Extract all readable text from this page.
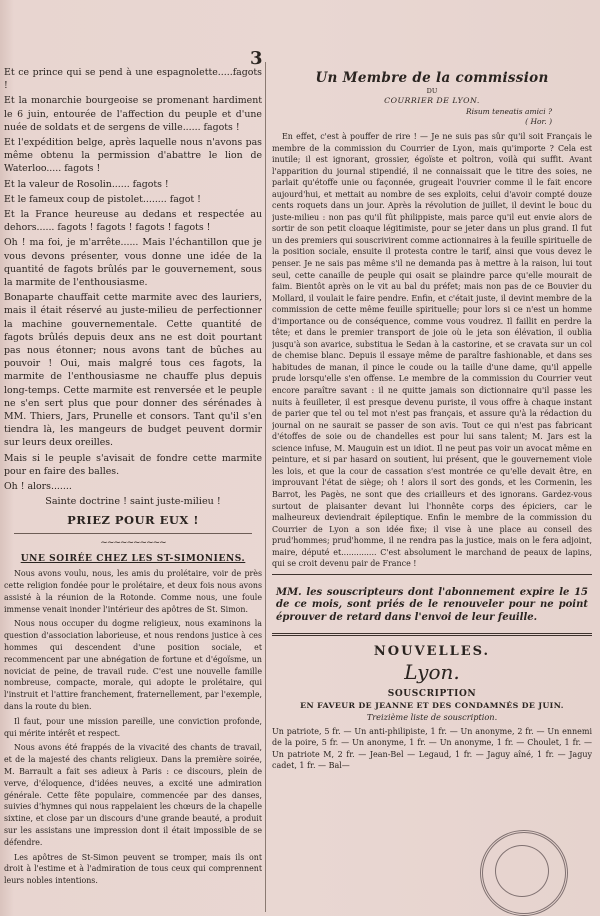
3

Et ce prince qui se pend à une espagnolette.....fagots !

Et la monarchie bourgeoise se promenant hardiment le 6 juin, entourée de l'affection du peuple et d'une nuée de soldats et de sergens de ville...... fagots !

Et l'expédition belge, après laquelle nous n'avons pas même obtenu la permission d'abattre le lion de Waterloo..... fagots !

Et la valeur de Rosolin...... fagots !

Et le fameux coup de pistolet........ fagot !

Et la France heureuse au dedans et respectée au dehors...... fagots ! fagots ! fagots ! fagots !

Oh ! ma foi, je m'arrête...... Mais l'échantillon que je vous devons présenter, vous donne une idée de la quantité de fagots brûlés par le gouvernement, sous la marmite de l'enthousiasme.

Bonaparte chauffait cette marmite avec des lauriers, mais il était réservé au juste-milieu de perfectionner la machine gouvernementale. Cette quantité de fagots brûlés depuis deux ans ne est doit pourtant pas nous étonner; nous avons tant de bûches au pouvoir ! Oui, mais malgré tous ces fagots, la marmite de l'enthousiasme ne chauffe plus depuis long-temps. Cette marmite est renversée et le peuple ne s'en sert plus que pour donner des sérénades à MM. Thiers, Jars, Prunelle et consors. Tant qu'il s'en tiendra là, les mangeurs de budget peuvent dormir sur leurs deux oreilles.

Mais si le peuple s'avisait de fondre cette marmite pour en faire des balles.

Oh ! alors.......

Sainte doctrine ! saint juste-milieu !

PRIEZ POUR EUX !

~~~~~~~~~~

UNE SOIRÉE CHEZ LES ST-SIMONIENS.

Nous avons voulu, nous, les amis du prolétaire, voir de près cette religion fondée pour le prolétaire, et deux fois nous avons assisté à la réunion de la Rotonde. Comme nous, une foule immense venait inonder l'intérieur des apôtres de St. Simon.

Nous nous occuper du dogme religieux, nous examinons la question d'association laborieuse, et nous rendons justice à ces hommes qui descendent d'une position sociale, et recommencent par une abnégation de fortune et d'égoïsme, un noviciat de peine, de travail rude. C'est une nouvelle famille nombreuse, compacte, morale, qui adopte le prolétaire, qui l'instruit et l'attire franchement, fraternellement, par l'exemple, dans la route du bien.

Il faut, pour une mission pareille, une conviction profonde, qui mérite intérêt et respect.

Nous avons été frappés de la vivacité des chants de travail, et de la majesté des chants religieux. Dans la première soirée, M. Barrault a fait ses adieux à Paris : ce discours, plein de verve, d'éloquence, d'idées neuves, a excité une admiration générale. Cette fête populaire, commencée par des danses, suivies d'hymnes qui nous rappelaient les chœurs de la chapelle sixtine, et close par un discours d'une grande beauté, a produit sur les assistans une impression dont il était impossible de se défendre.

Les apôtres de St-Simon peuvent se tromper, mais ils ont droit à l'estime et à l'admiration de tous ceux qui comprennent leurs nobles intentions.

Un Membre de la commission

DU

COURRIER DE LYON.

Risum teneatis amici ?

( Hor. )

En effet, c'est à pouffer de rire ! — Je ne suis pas sûr qu'il soit Français le membre de la commission du Courrier de Lyon, mais qu'importe ? Cela est inutile; il est ignorant, grossier, égoïste et poltron, voilà qui suffit. Avant l'apparition du journal stipendié, il ne connaissait que le titre des soies, ne parlait qu'étoffe unie ou façonnée, grugeait l'ouvrier comme il le fait encore aujourd'hui, et mettait au nombre de ses exploits, celui d'avoir compté douze cents roquets dans un jour. Après la révolution de juillet, il devint le bouc du juste-milieu : non pas qu'il fût philippiste, mais parce qu'il eut envie alors de sortir de son petit cloaque légitimiste, pour se jeter dans un plus grand. Il fut un des premiers qui souscrivirent comme actionnaires à la feuille spirituelle de la position sociale, ensuite il protesta contre le tarif, ainsi que vous devez le penser. Je ne sais pas même s'il ne demanda pas à mettre à la raison, lui tout seul, cette canaille de peuple qui osait se plaindre parce qu'elle mourait de faim. Bientôt après on le vit au bal du préfet; mais non pas de ce Bouvier du Mollard, il voulait le faire pendre. Enfin, et c'était juste, il devint membre de la commission de cette même feuille spirituelle; pour lors si ce n'est un homme d'importance ou de conséquence, comme vous voudrez. Il faillit en perdre la tête; et dans le premier transport de joie où le jeta son élévation, il oublia jusqu'à son avarice, substitua le Sedan à la castorine, et se cravata sur un col de chemise blanc. Depuis il essaye même de paraître fashionable, et dans ses habitudes de manan, il pince le coude ou la taille d'une dame, qu'il appelle prude lorsqu'elle s'en offense. Le membre de la commission du Courrier veut encore paraître savant : il ne quitte jamais son dictionnaire qu'il passe les nuits à feuilleter, il est presque devenu puriste, il vous offre à chaque instant de parier que tel ou tel mot n'est pas français, et assure qu'à la rédaction du journal on ne saurait se passer de son avis. Tout ce qui n'est pas fabricant d'étoffes de soie ou de chandelles est pour lui sans talent; M. Jars est la science infuse, M. Mauguin est un idiot. Il ne peut pas voir un avocat même en peinture, et si par hasard on soutient, lui présent, que le gouvernement viole les lois, et que la cour de cassation s'est montrée ce qu'elle devait être, en improuvant l'état de siège; oh ! alors il sort des gonds, et les Cormenin, les Barrot, les Pagès, ne sont que des criailleurs et des ignorans. Gardez-vous surtout de plaisanter devant lui l'honnête corps des épiciers, car le malheureux deviendrait épileptique. Enfin le membre de la commission du Courrier de Lyon a son idée fixe; il vise à une place au conseil des prud'hommes; prud'homme, il ne rendra pas la justice, mais on le fera adjoint, maire, député et.............. C'est absolument le marchand de peaux de lapins, qui se croit devenu pair de France !

MM. les souscripteurs dont l'abonnement expire le 15 de ce mois, sont priés de le renouveler pour ne point éprouver de retard dans l'envoi de leur feuille.

NOUVELLES.

Lyon.

SOUSCRIPTION

EN FAVEUR DE JEANNE ET DES CONDAMNÉS DE JUIN.

Treizième liste de souscription.

Un patriote, 5 fr. — Un anti-philipiste, 1 fr. — Un anonyme, 2 fr. — Un ennemi de la poire, 5 fr. — Un anonyme, 1 fr. — Un anonyme, 1 fr. — Choulet, 1 fr. — Un patriote M, 2 fr. — Jean-Bel — Legaud, 1 fr. — Jaguy aîné, 1 fr. — Jaguy cadet, 1 fr. — Bal—
